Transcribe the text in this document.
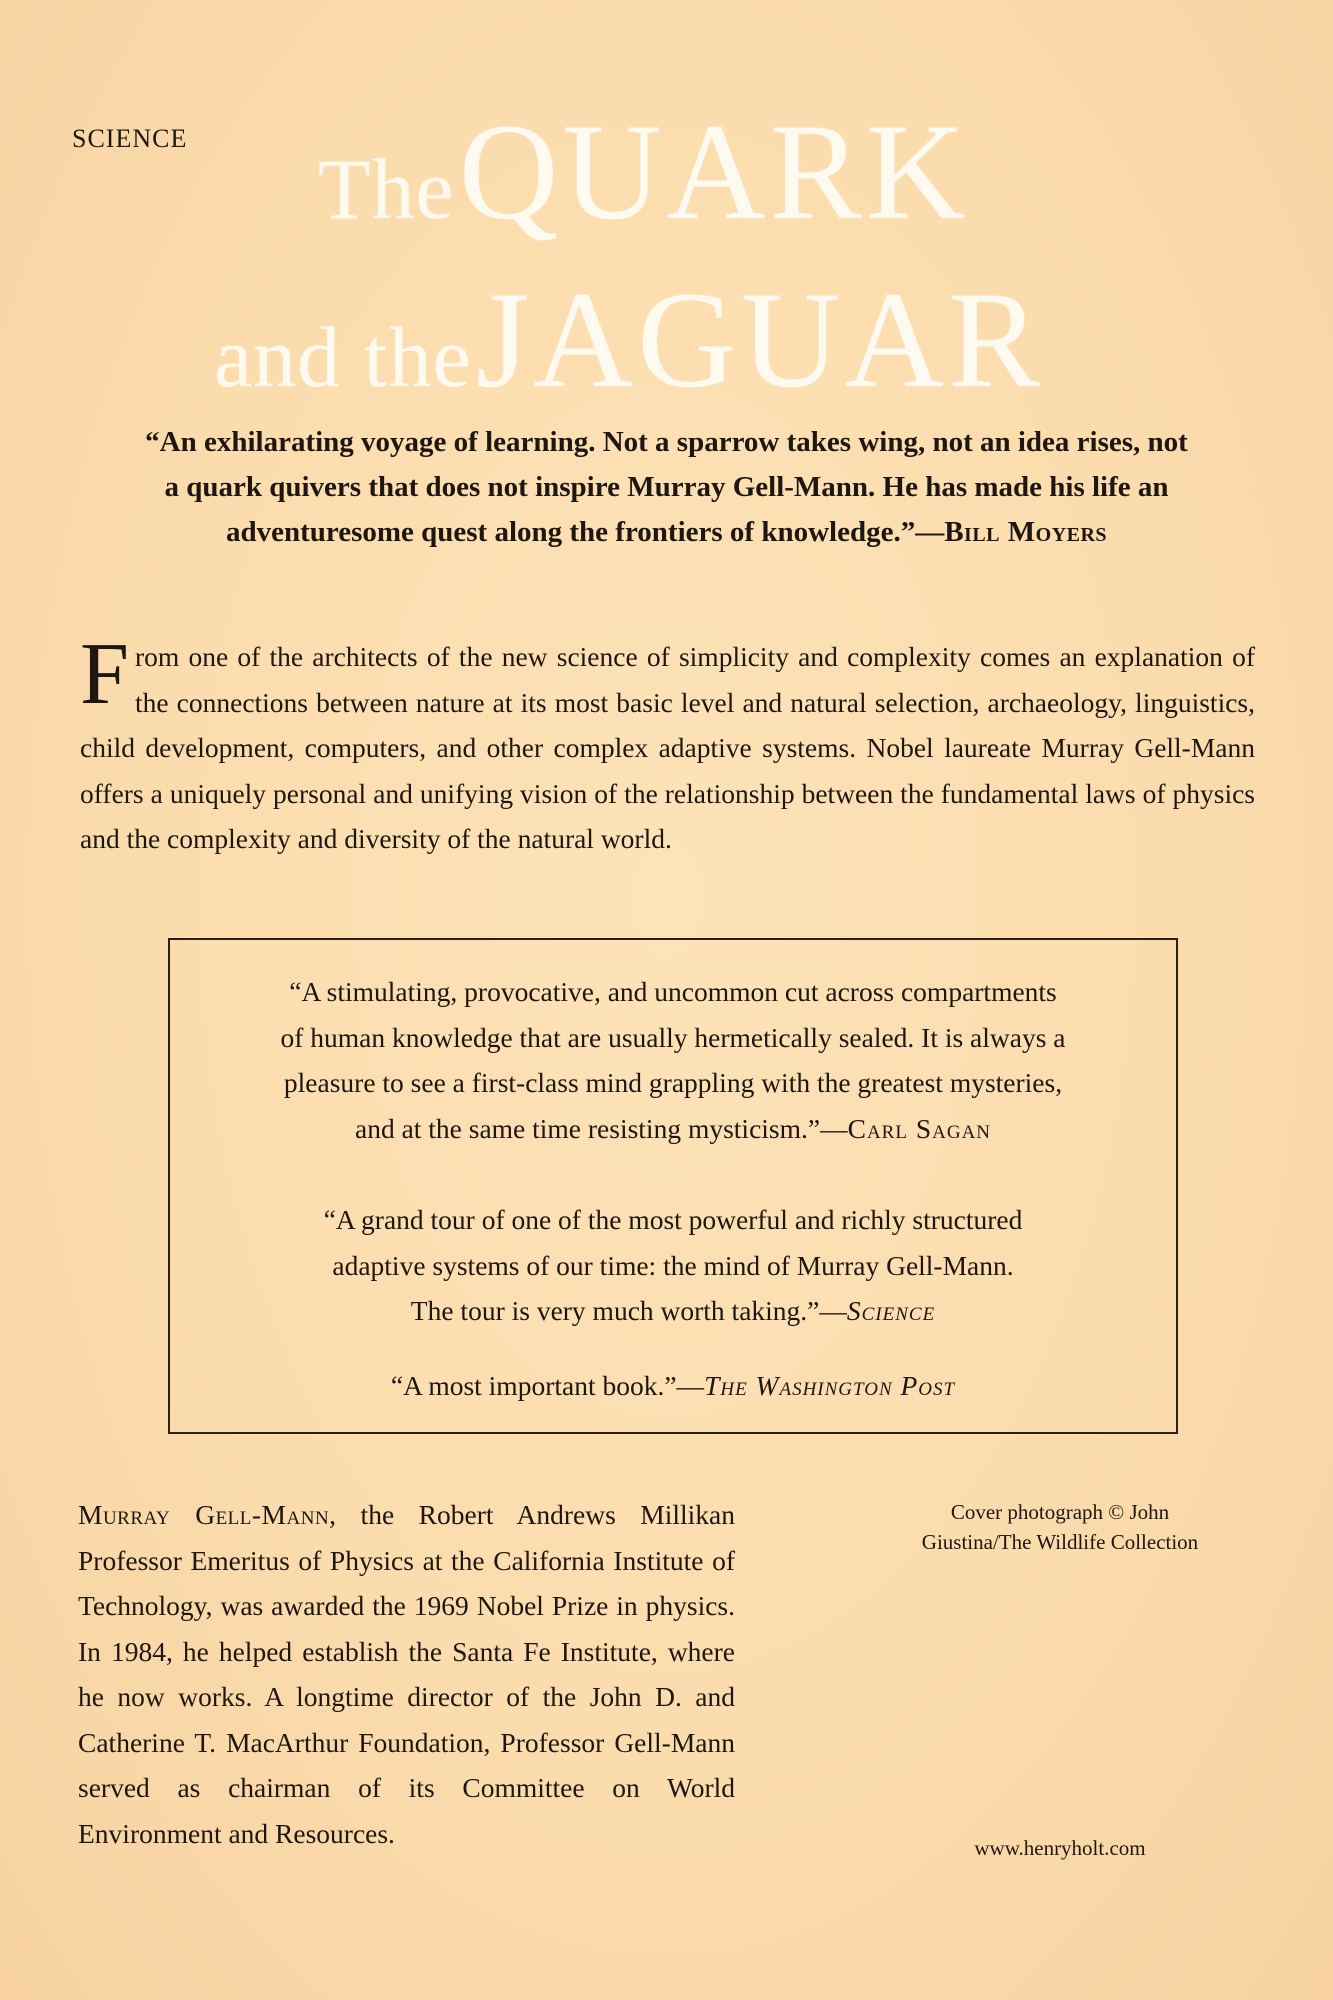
SCIENCE
The QUARK
and the JAGUAR
“An exhilarating voyage of learning. Not a sparrow takes wing, not an idea rises, not a quark quivers that does not inspire Murray Gell-Mann. He has made his life an adventuresome quest along the frontiers of knowledge.”—Bill Moyers
From one of the architects of the new science of simplicity and complexity comes an explanation of the connections between nature at its most basic level and natural selection, archaeology, linguistics, child development, computers, and other complex adaptive systems. Nobel laureate Murray Gell-Mann offers a uniquely personal and unifying vision of the relationship between the fundamental laws of physics and the complexity and diversity of the natural world.
“A stimulating, provocative, and uncommon cut across compartments
of human knowledge that are usually hermetically sealed. It is always a
pleasure to see a first-class mind grappling with the greatest mysteries,
and at the same time resisting mysticism.”—Carl Sagan
“A grand tour of one of the most powerful and richly structured
adaptive systems of our time: the mind of Murray Gell-Mann.
The tour is very much worth taking.”—Science
“A most important book.”—The Washington Post
Murray Gell-Mann, the Robert Andrews Millikan Professor Emeritus of Physics at the California Institute of Technology, was awarded the 1969 Nobel Prize in physics. In 1984, he helped establish the Santa Fe Institute, where he now works. A longtime director of the John D. and Catherine T. MacArthur Foundation, Professor Gell-Mann served as chairman of its Committee on World Environment and Resources.
Cover photograph © John
Giustina/The Wildlife Collection
www.henryholt.com
